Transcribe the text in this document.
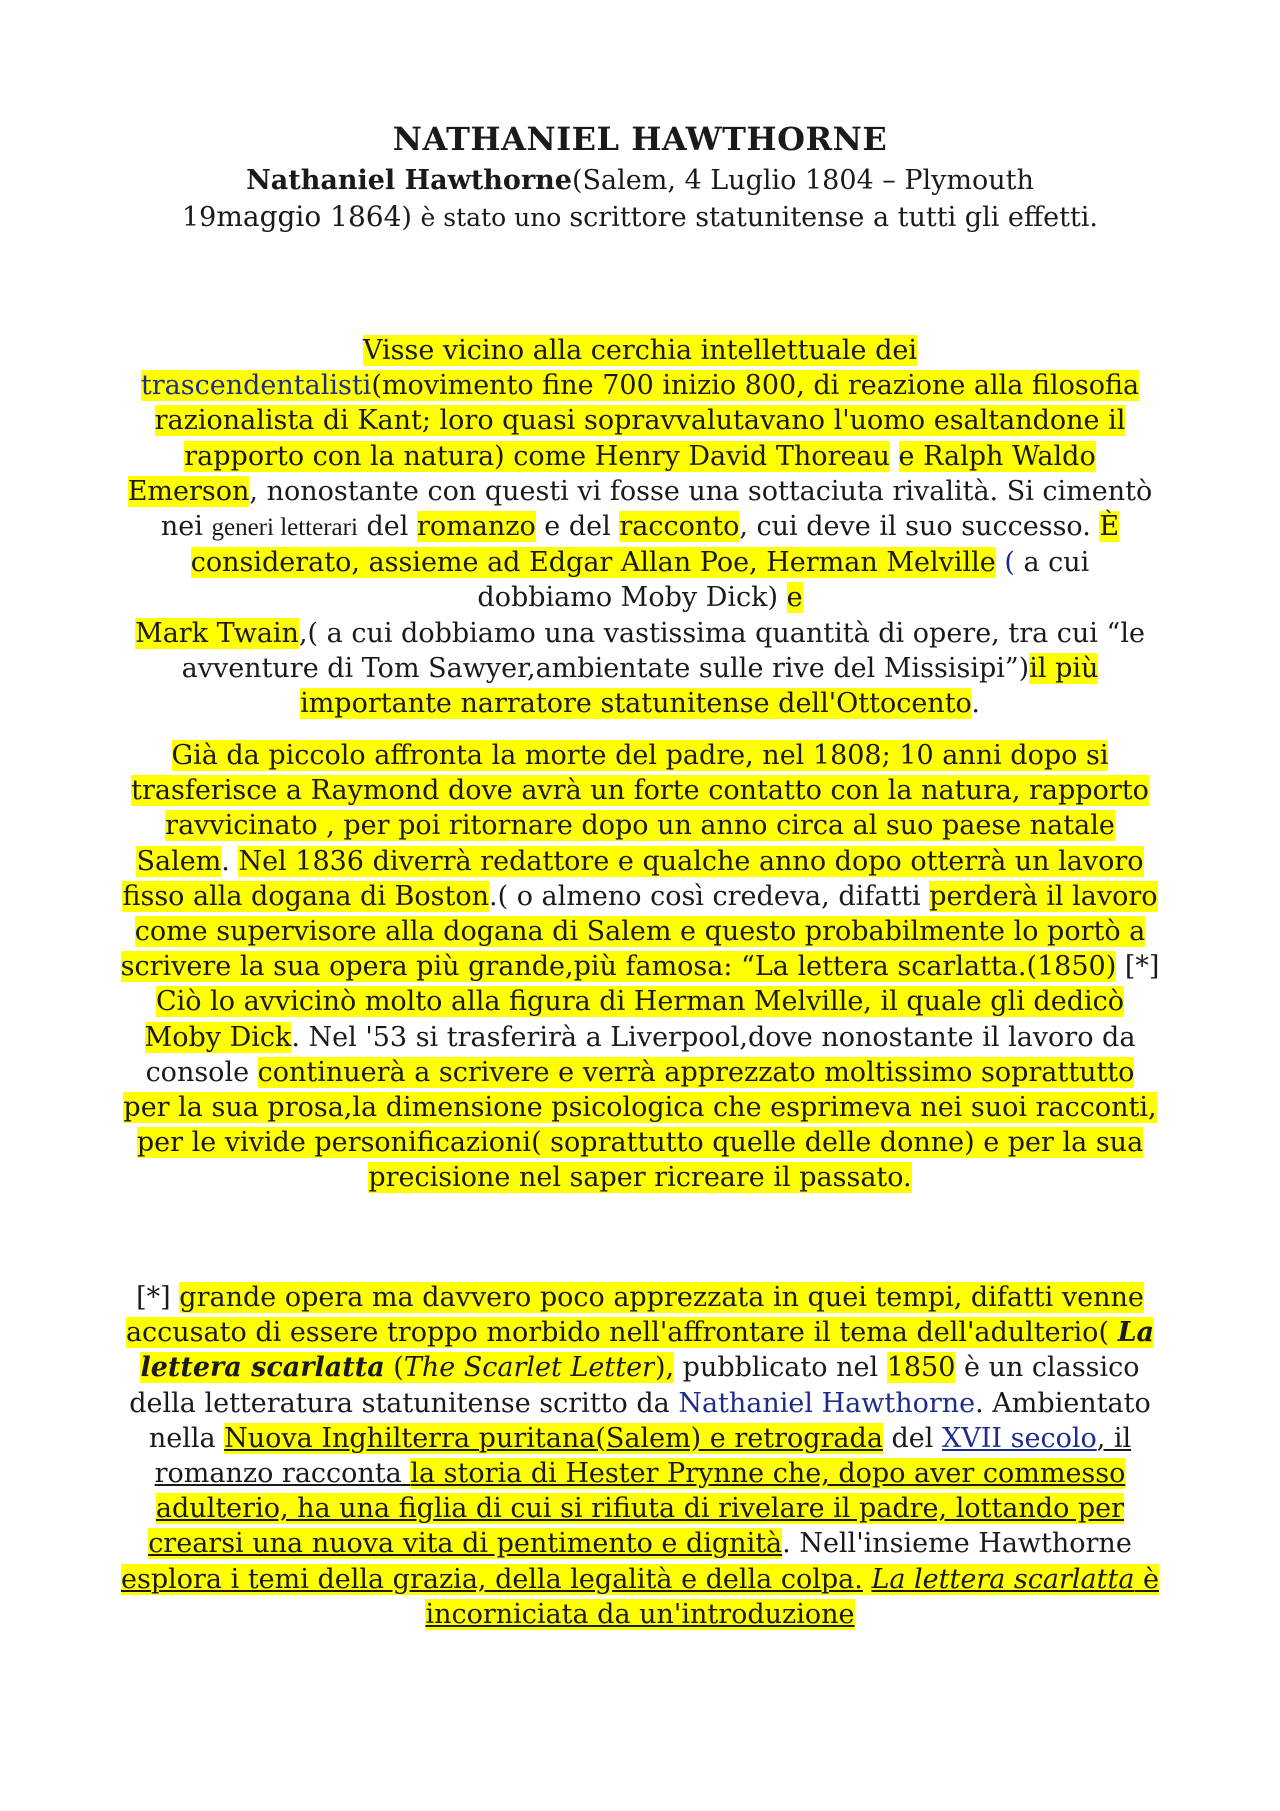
NATHANIEL HAWTHORNE

Nathaniel Hawthorne(Salem, 4 Luglio 1804 – Plymouth
19maggio 1864) è stato uno scrittore statunitense a tutti gli effetti.

Visse vicino alla cerchia intellettuale dei
trascendentalisti(movimento fine 700 inizio 800, di reazione alla filosofia razionalista di Kant; loro quasi sopravvalutavano l'uomo esaltandone il rapporto con la natura) come Henry David Thoreau e Ralph Waldo Emerson, nonostante con questi vi fosse una sottaciuta rivalità. Si cimentò nei generi letterari del romanzo e del racconto, cui deve il suo successo. È considerato, assieme ad Edgar Allan Poe, Herman Melville ( a cui dobbiamo Moby Dick) e
Mark Twain,( a cui dobbiamo una vastissima quantità di opere, tra cui “le avventure di Tom Sawyer,ambientate sulle rive del Missisipi”)il più importante narratore statunitense dell'Ottocento.

Già da piccolo affronta la morte del padre, nel 1808; 10 anni dopo si trasferisce a Raymond dove avrà un forte contatto con la natura, rapporto ravvicinato , per poi ritornare dopo un anno circa al suo paese natale Salem. Nel 1836 diverrà redattore e qualche anno dopo otterrà un lavoro fisso alla dogana di Boston.( o almeno così credeva, difatti perderà il lavoro come supervisore alla dogana di Salem e questo probabilmente lo portò a scrivere la sua opera più grande,più famosa: “La lettera scarlatta.(1850) [*] Ciò lo avvicinò molto alla figura di Herman Melville, il quale gli dedicò Moby Dick. Nel '53 si trasferirà a Liverpool,dove nonostante il lavoro da console continuerà a scrivere e verrà apprezzato moltissimo soprattutto per la sua prosa,la dimensione psicologica che esprimeva nei suoi racconti, per le vivide personificazioni( soprattutto quelle delle donne) e per la sua precisione nel saper ricreare il passato.

[*] grande opera ma davvero poco apprezzata in quei tempi, difatti venne accusato di essere troppo morbido nell'affrontare il tema dell'adulterio( La lettera scarlatta (The Scarlet Letter), pubblicato nel 1850 è un classico della letteratura statunitense scritto da Nathaniel Hawthorne. Ambientato nella Nuova Inghilterra puritana(Salem) e retrograda del XVII secolo, il romanzo racconta la storia di Hester Prynne che, dopo aver commesso adulterio, ha una figlia di cui si rifiuta di rivelare il padre, lottando per crearsi una nuova vita di pentimento e dignità. Nell'insieme Hawthorne esplora i temi della grazia, della legalità e della colpa. La lettera scarlatta è incorniciata da un'introduzione
